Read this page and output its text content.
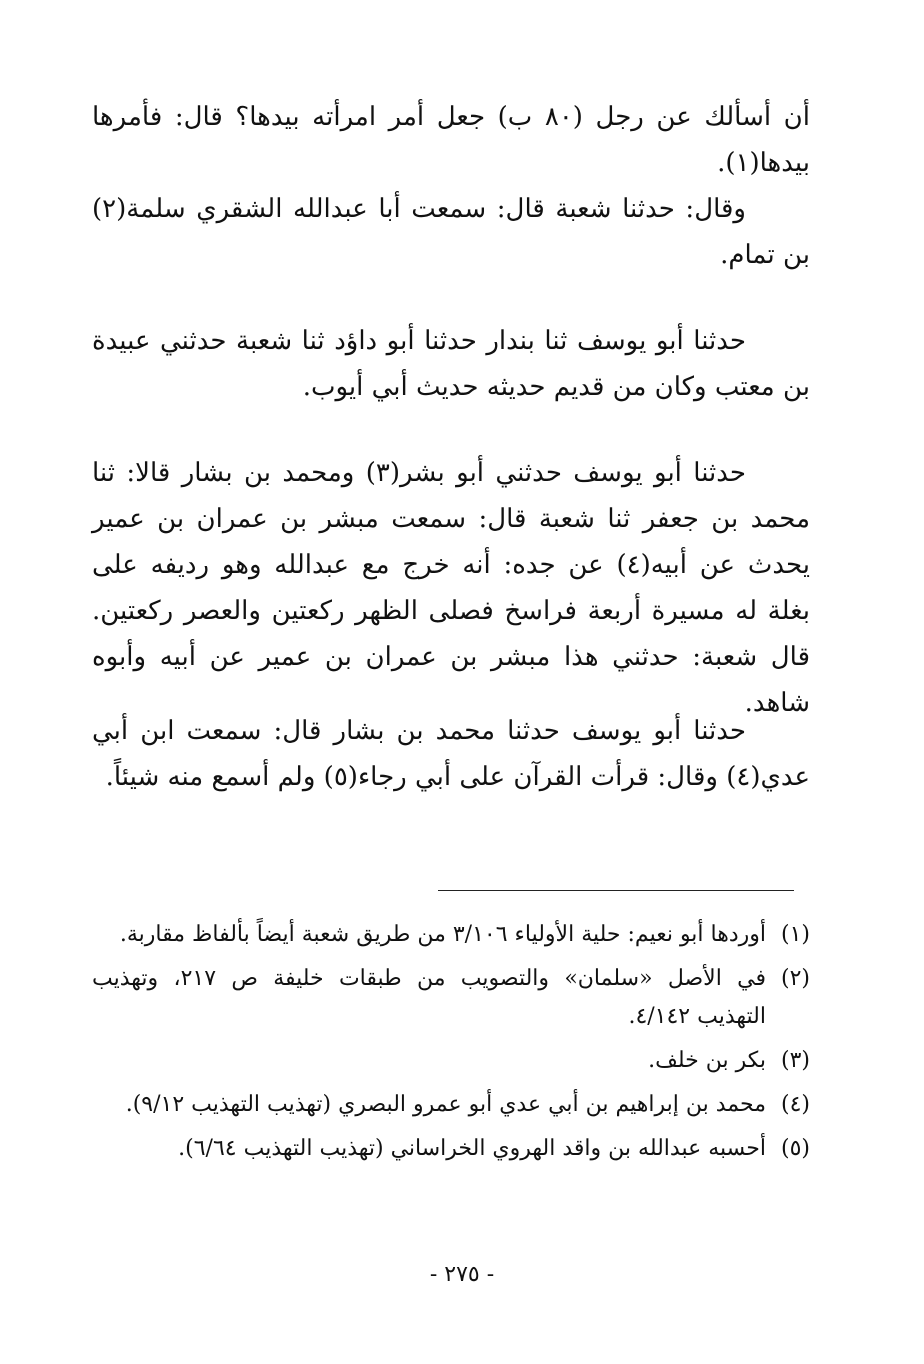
أن أسألك عن رجل (٨٠ ب) جعل أمر امرأته بيدها؟ قال: فأمرها بيدها(١).

وقال: حدثنا شعبة قال: سمعت أبا عبدالله الشقري سلمة(٢) بن تمام.

حدثنا أبو يوسف ثنا بندار حدثنا أبو داؤد ثنا شعبة حدثني عبيدة بن معتب وكان من قديم حديثه حديث أبي أيوب.

حدثنا أبو يوسف حدثني أبو بشر(٣) ومحمد بن بشار قالا: ثنا محمد بن جعفر ثنا شعبة قال: سمعت مبشر بن عمران بن عمير يحدث عن أبيه(٤) عن جده: أنه خرج مع عبدالله وهو رديفه على بغلة له مسيرة أربعة فراسخ فصلى الظهر ركعتين والعصر ركعتين. قال شعبة: حدثني هذا مبشر بن عمران بن عمير عن أبيه وأبوه شاهد.

حدثنا أبو يوسف حدثنا محمد بن بشار قال: سمعت ابن أبي عدي(٤) وقال: قرأت القرآن على أبي رجاء(٥) ولم أسمع منه شيئاً.

(١)
أوردها أبو نعيم: حلية الأولياء ٣/١٠٦ من طريق شعبة أيضاً بألفاظ مقاربة.
(٢)
في الأصل «سلمان» والتصويب من طبقات خليفة ص ٢١٧، وتهذيب التهذيب ٤/١٤٢.
(٣)
بكر بن خلف.
(٤)
محمد بن إبراهيم بن أبي عدي أبو عمرو البصري (تهذيب التهذيب ٩/١٢).
(٥)
أحسبه عبدالله بن واقد الهروي الخراساني (تهذيب التهذيب ٦/٦٤).
- ٢٧٥ -
